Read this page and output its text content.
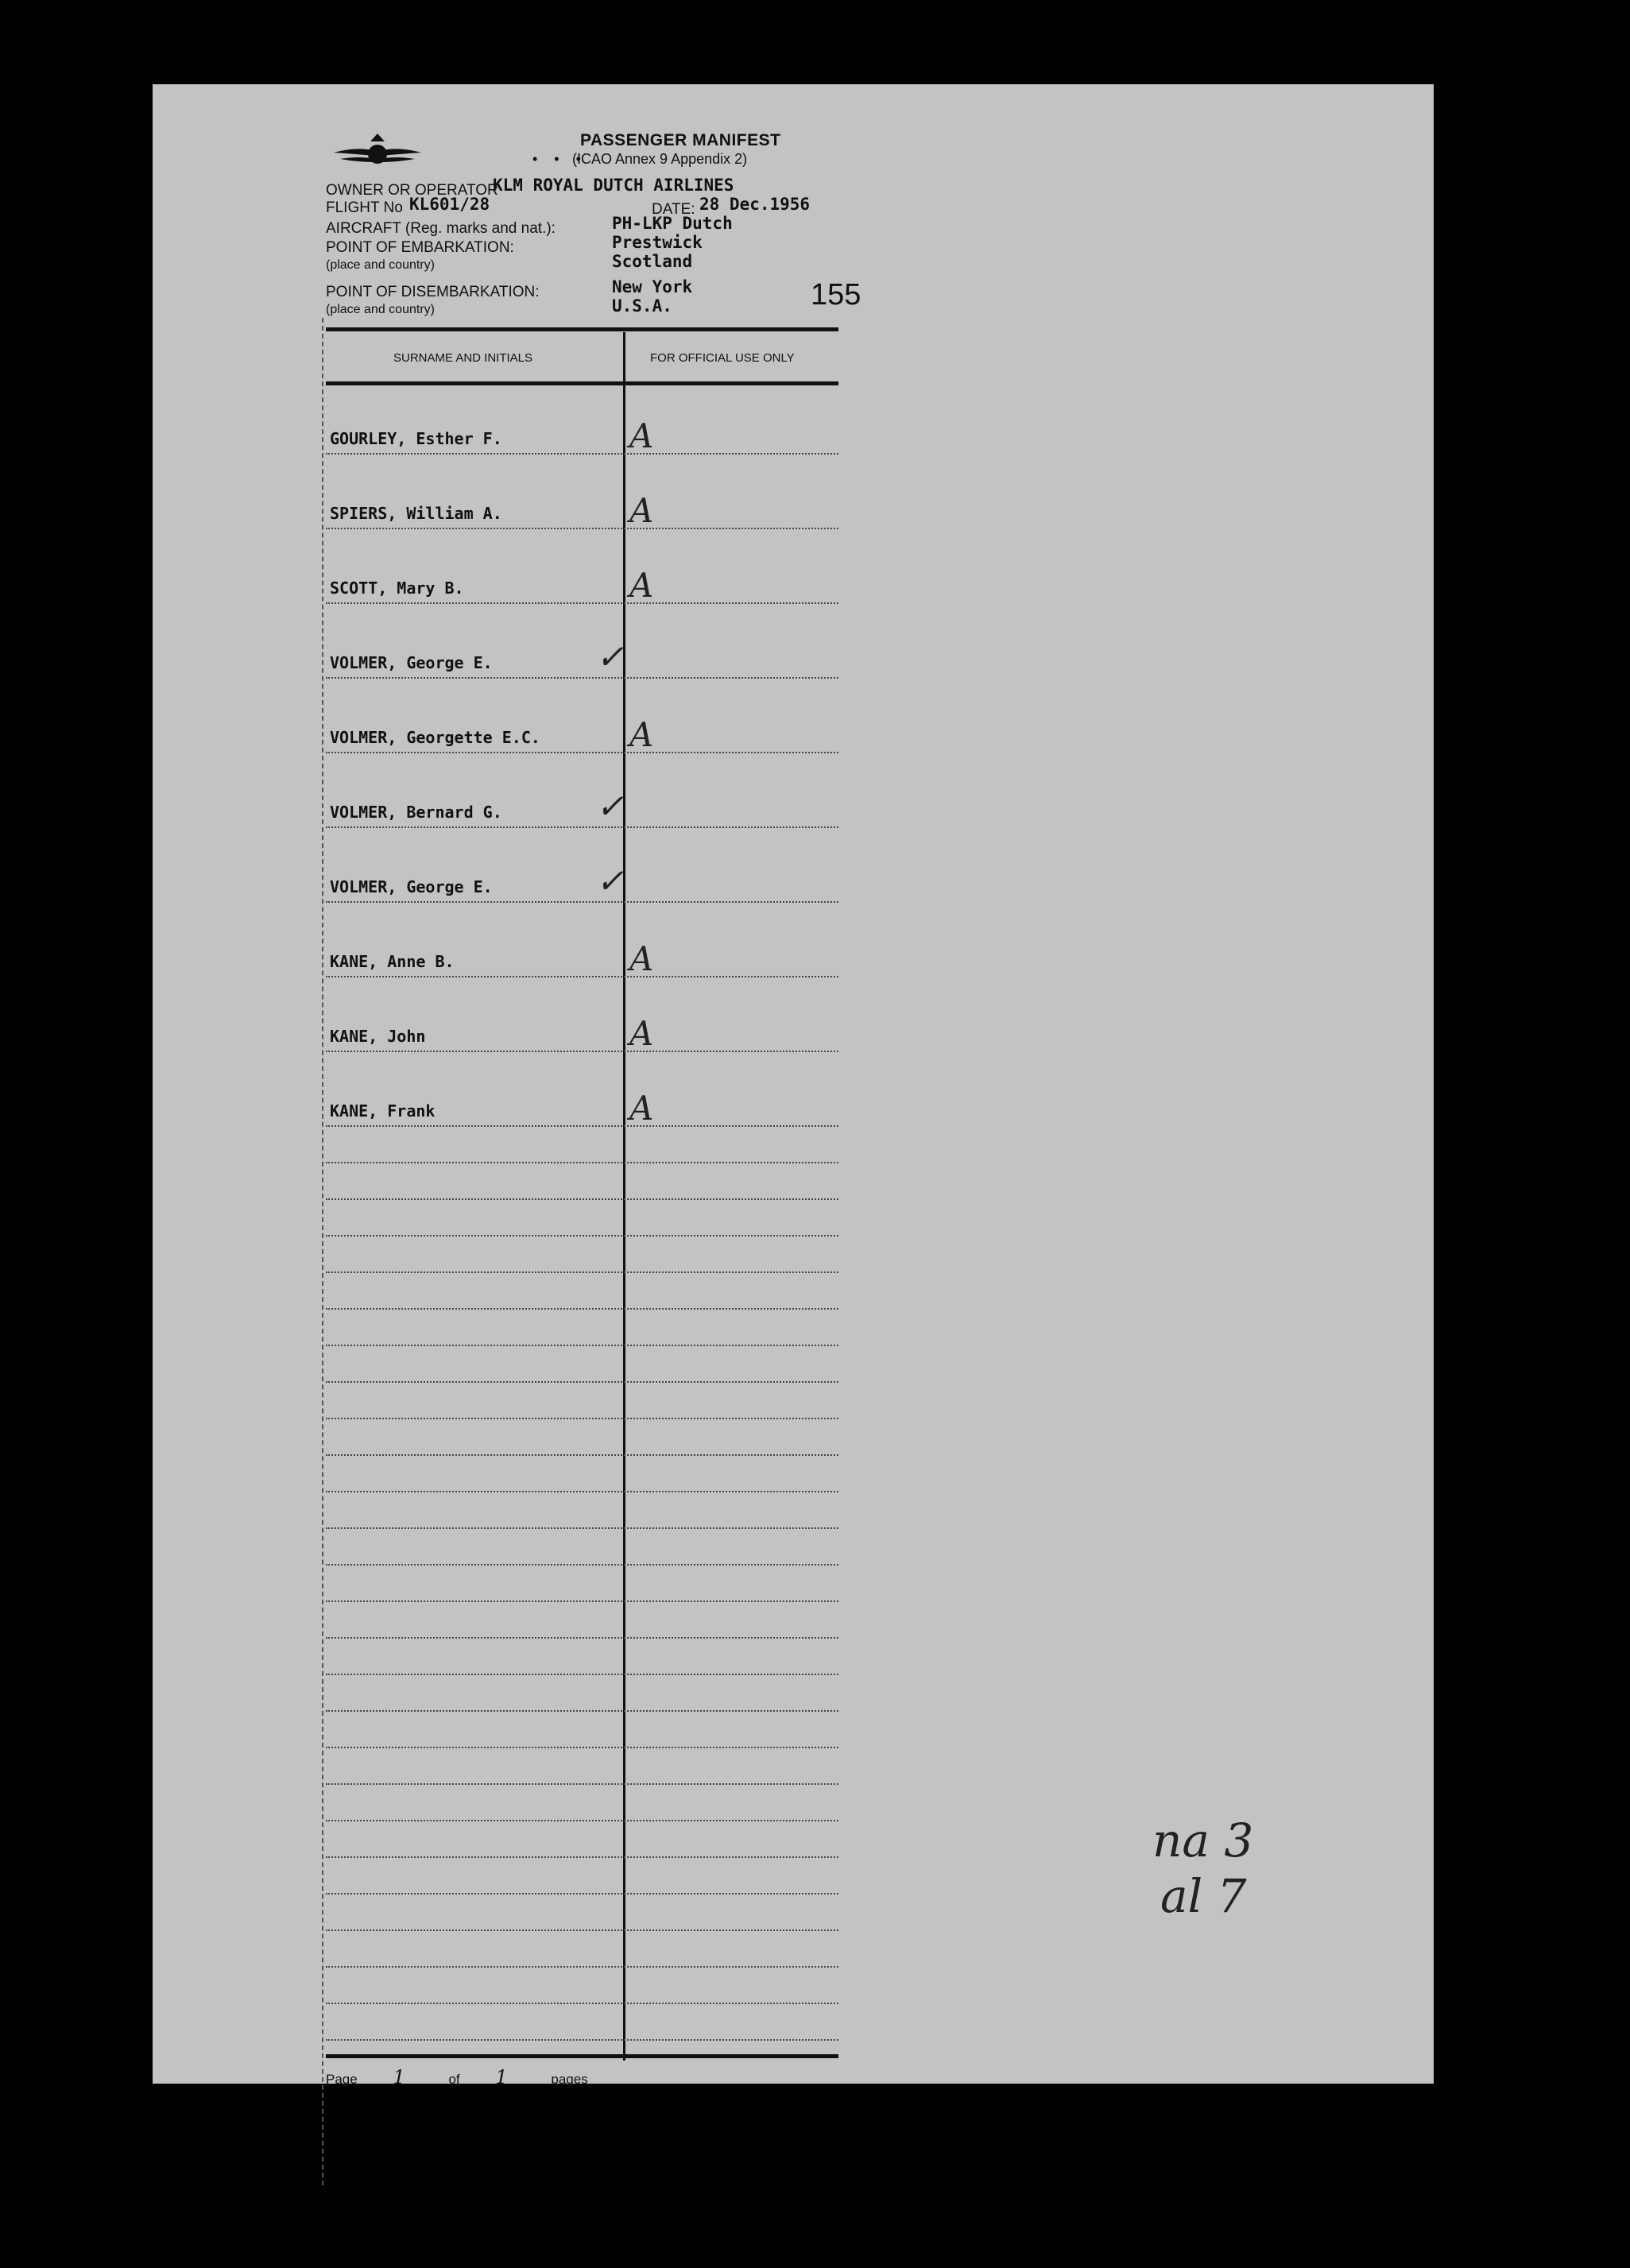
PASSENGER MANIFEST
• • •
(ICAO Annex 9 Appendix 2)
OWNER OR OPERATOR
KLM ROYAL DUTCH AIRLINES
FLIGHT No KL601/28	DATE: 28 Dec.1956
AIRCRAFT (Reg. marks and nat.):	PH-LKP Dutch
POINT OF EMBARKATION:
(place and country)
Prestwick
Scotland
POINT OF DISEMBARKATION:
(place and country)
New York
U.S.A.	155
SURNAME AND INITIALS	FOR OFFICIAL USE ONLY
GOURLEY, Esther F.	A
SPIERS, William A.	A
SCOTT, Mary B.	A
VOLMER, George E.	✓
VOLMER, Georgette E.C.	A
VOLMER, Bernard G.	✓
VOLMER, George E.	✓
KANE, Anne B.	A
KANE, John	A
KANE, Frank	A
Page 1	of 1	pages
na 3
al 7
